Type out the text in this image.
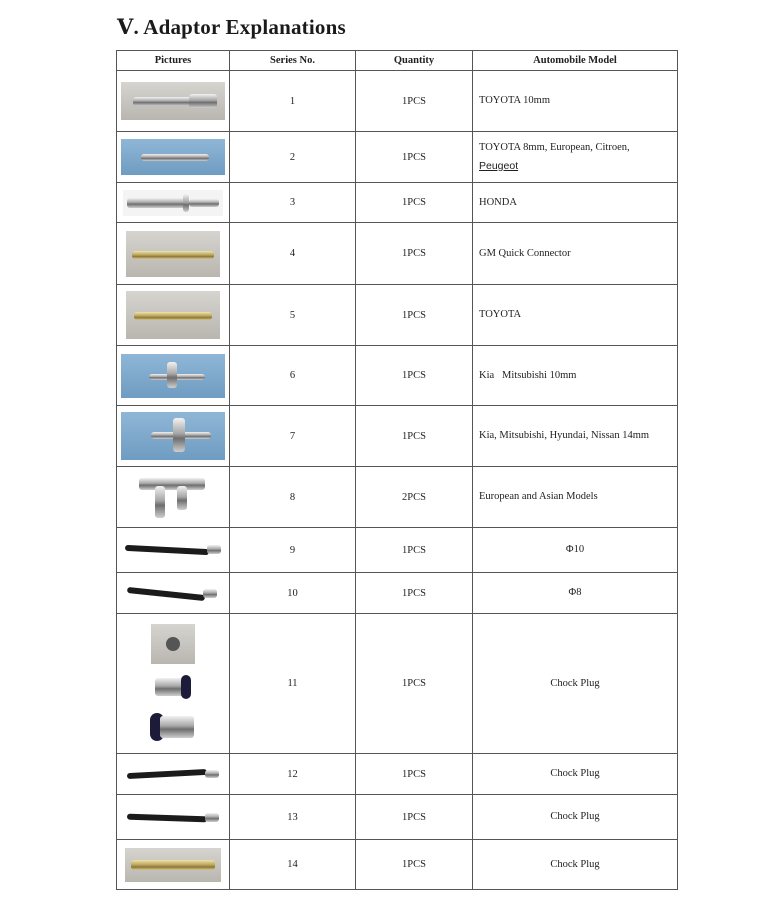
Ⅴ. Adaptor Explanations
Pictures	Series No.	Quantity	Automobile Model

	1	1PCS	TOYOTA 10mm

	2	1PCS	TOYOTA 8mm, European, Citroen,
Peugeot

	3	1PCS	HONDA

	4	1PCS	GM Quick Connector

	5	1PCS	TOYOTA

	6	1PCS	Kia   Mitsubishi 10mm

	7	1PCS	Kia, Mitsubishi, Hyundai, Nissan 14mm

	8	2PCS	European and Asian Models

	9	1PCS	Φ10

	10	1PCS	Φ8

	11	1PCS	Chock Plug

	12	1PCS	Chock Plug

	13	1PCS	Chock Plug

	14	1PCS	Chock Plug
